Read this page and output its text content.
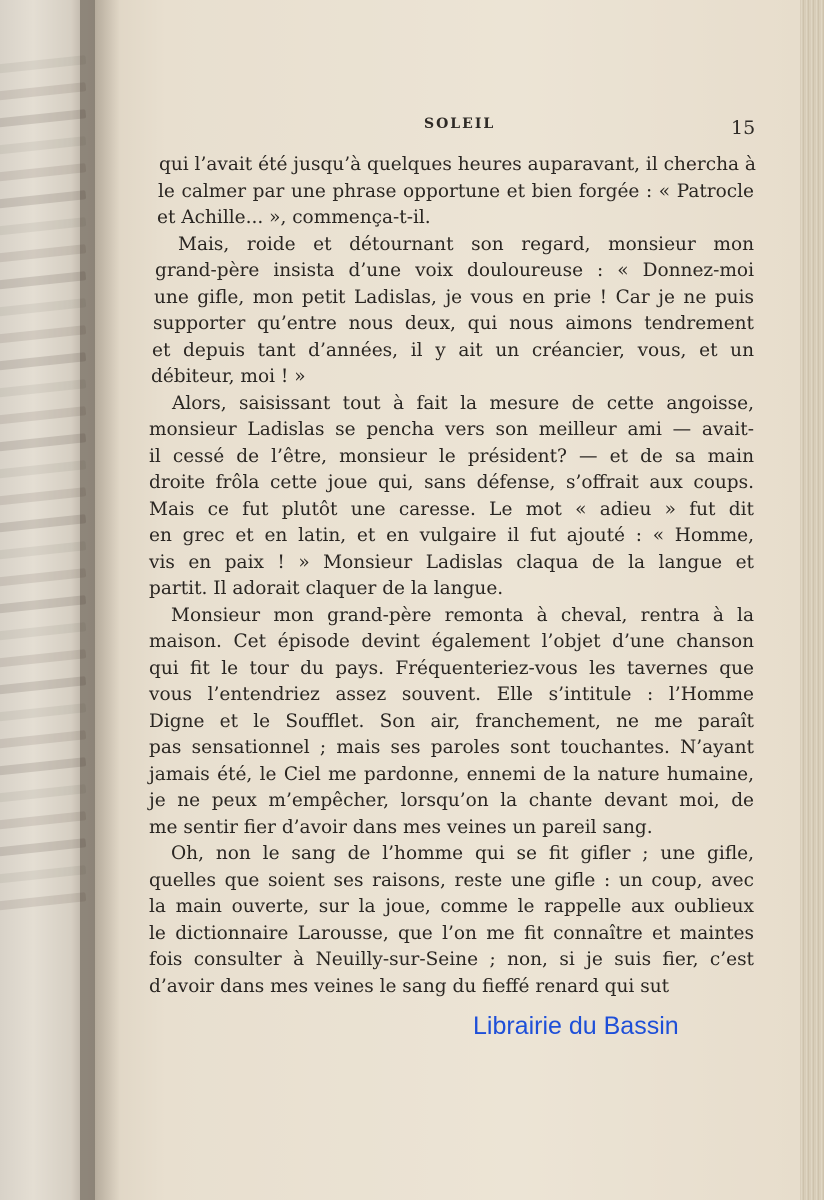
SOLEIL	15
qui l’avait été jusqu’à quelques heures auparavant, il chercha à
le calmer par une phrase opportune et bien forgée : « Patrocle
et Achille... », commença-t-il.
Mais, roide et détournant son regard, monsieur mon
grand-père insista d’une voix douloureuse : « Donnez-moi
une gifle, mon petit Ladislas, je vous en prie ! Car je ne puis
supporter qu’entre nous deux, qui nous aimons tendrement
et depuis tant d’années, il y ait un créancier, vous, et un
débiteur, moi ! »
Alors, saisissant tout à fait la mesure de cette angoisse,
monsieur Ladislas se pencha vers son meilleur ami — avait-
il cessé de l’être, monsieur le président? — et de sa main
droite frôla cette joue qui, sans défense, s’offrait aux coups.
Mais ce fut plutôt une caresse. Le mot « adieu » fut dit
en grec et en latin, et en vulgaire il fut ajouté : « Homme,
vis en paix ! » Monsieur Ladislas claqua de la langue et
partit. Il adorait claquer de la langue.
Monsieur mon grand-père remonta à cheval, rentra à la
maison. Cet épisode devint également l’objet d’une chanson
qui fit le tour du pays. Fréquenteriez-vous les tavernes que
vous l’entendriez assez souvent. Elle s’intitule : l’Homme
Digne et le Soufflet. Son air, franchement, ne me paraît
pas sensationnel ; mais ses paroles sont touchantes. N’ayant
jamais été, le Ciel me pardonne, ennemi de la nature humaine,
je ne peux m’empêcher, lorsqu’on la chante devant moi, de
me sentir fier d’avoir dans mes veines un pareil sang.
Oh, non le sang de l’homme qui se fit gifler ; une gifle,
quelles que soient ses raisons, reste une gifle : un coup, avec
la main ouverte, sur la joue, comme le rappelle aux oublieux
le dictionnaire Larousse, que l’on me fit connaître et maintes
fois consulter à Neuilly-sur-Seine ; non, si je suis fier, c’est
d’avoir dans mes veines le sang du fieffé renard qui sut
Librairie du Bassin
